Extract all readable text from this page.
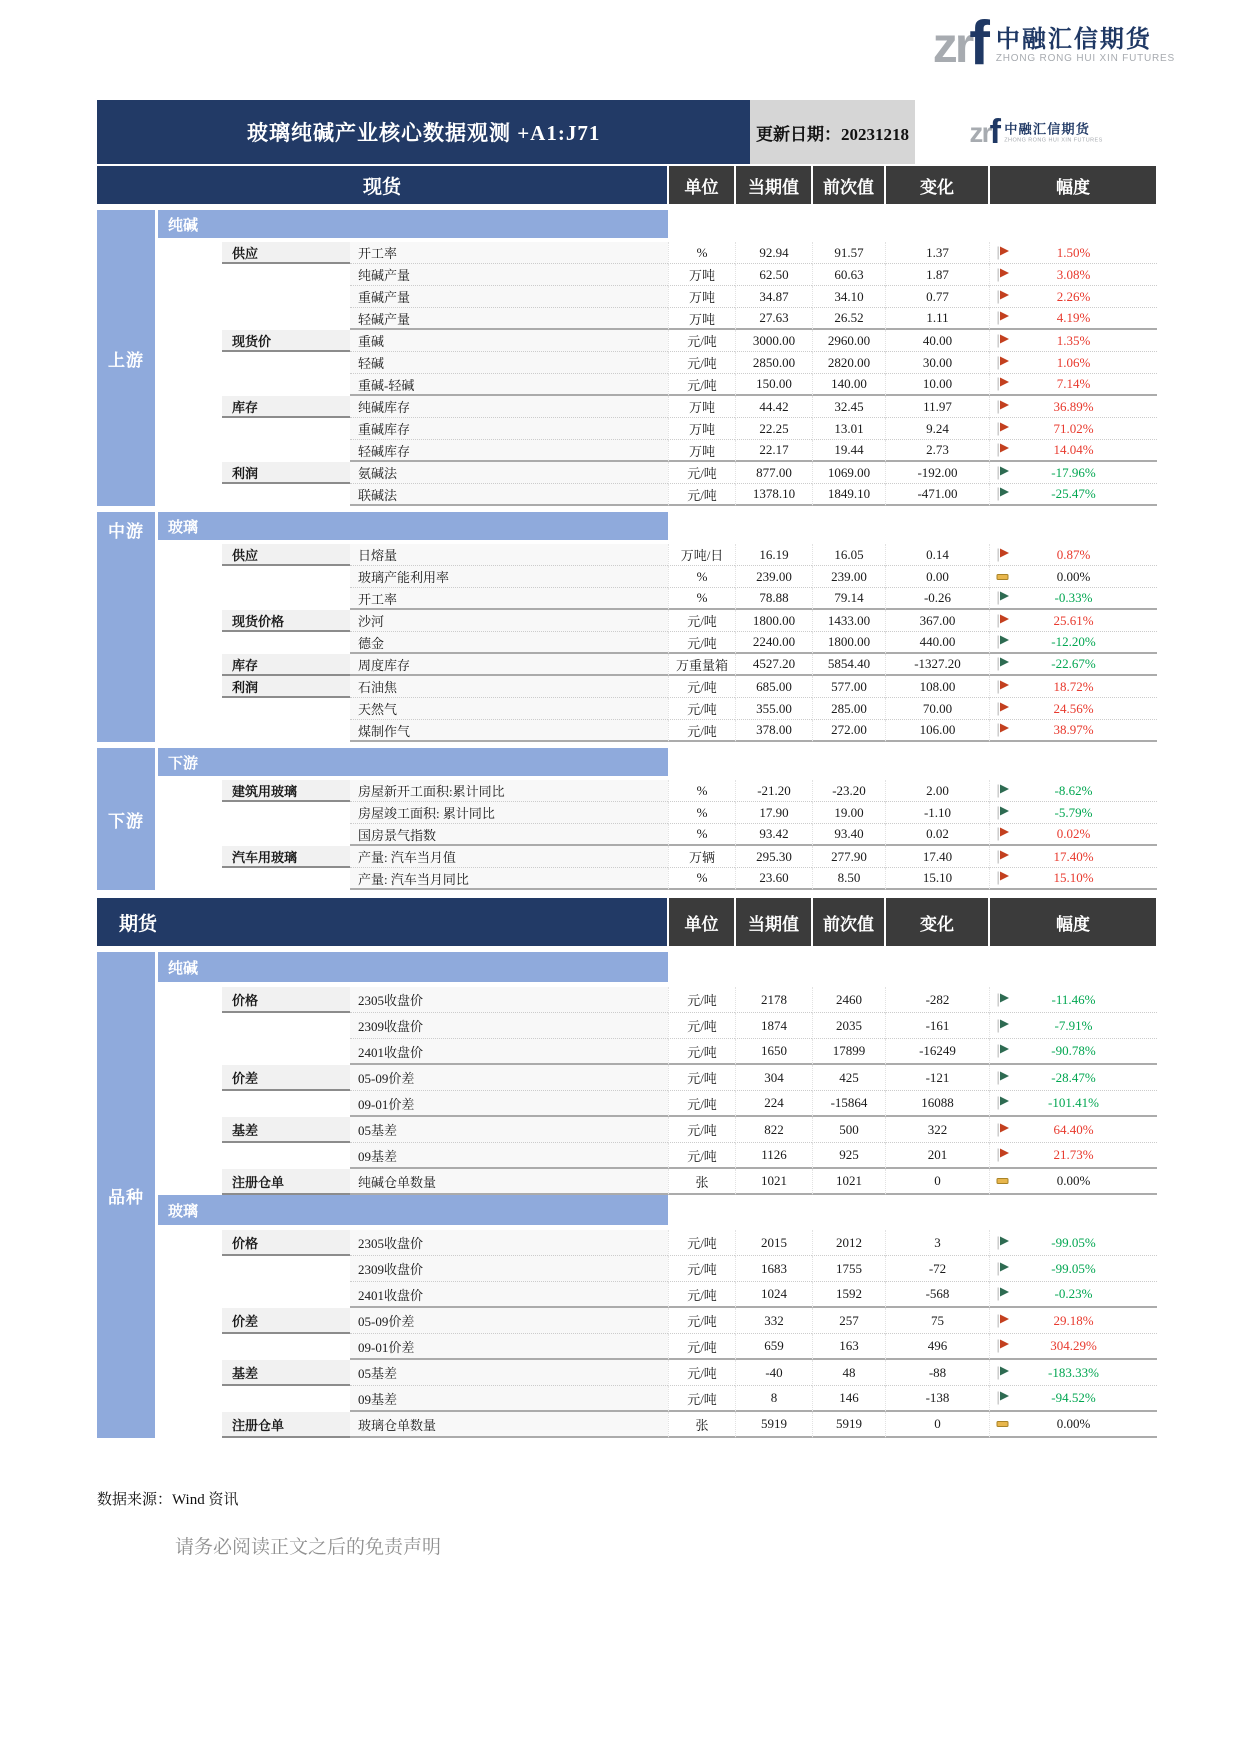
zr
f 中融汇信期货
ZHONG RONG HUI XIN FUTURES
玻璃纯碱产业核心数据观测 +A1:J71	更新日期：20231218 zr
f 中融汇信期货
ZHONG RONG HUI XIN FUTURES
现货	单位	当期值	前次值	变化	幅度
上游
纯碱
供应	开工率	%	92.94	91.57	1.37	1.50%
纯碱产量	万吨	62.50	60.63	1.87	3.08%
重碱产量	万吨	34.87	34.10	0.77	2.26%
轻碱产量	万吨	27.63	26.52	1.11	4.19%
现货价	重碱	元/吨	3000.00	2960.00	40.00	1.35%
轻碱	元/吨	2850.00	2820.00	30.00	1.06%
重碱-轻碱	元/吨	150.00	140.00	10.00	7.14%
库存	纯碱库存	万吨	44.42	32.45	11.97	36.89%
重碱库存	万吨	22.25	13.01	9.24	71.02%
轻碱库存	万吨	22.17	19.44	2.73	14.04%
利润	氨碱法	元/吨	877.00	1069.00	-192.00	-17.96%
联碱法	元/吨	1378.10	1849.10	-471.00	-25.47%
中游	玻璃
供应	日熔量	万吨/日	16.19	16.05	0.14	0.87%
玻璃产能利用率	%	239.00	239.00	0.00	0.00%
开工率	%	78.88	79.14	-0.26	-0.33%
现货价格	沙河	元/吨	1800.00	1433.00	367.00	25.61%
德金	元/吨	2240.00	1800.00	440.00	-12.20%
库存	周度库存	万重量箱	4527.20	5854.40	-1327.20	-22.67%
利润	石油焦	元/吨	685.00	577.00	108.00	18.72%
天然气	元/吨	355.00	285.00	70.00	24.56%
煤制作气	元/吨	378.00	272.00	106.00	38.97%
下游
下游
建筑用玻璃	房屋新开工面积:累计同比	%	-21.20	-23.20	2.00	-8.62%
房屋竣工面积: 累计同比	%	17.90	19.00	-1.10	-5.79%
国房景气指数	%	93.42	93.40	0.02	0.02%
汽车用玻璃	产量: 汽车当月值	万辆	295.30	277.90	17.40	17.40%
产量: 汽车当月同比	%	23.60	8.50	15.10	15.10%
期货	单位	当期值	前次值	变化	幅度
品种
纯碱
价格	2305收盘价	元/吨	2178	2460	-282	-11.46%
2309收盘价	元/吨	1874	2035	-161	-7.91%
2401收盘价	元/吨	1650	17899	-16249	-90.78%
价差	05-09价差	元/吨	304	425	-121	-28.47%
09-01价差	元/吨	224	-15864	16088	-101.41%
基差	05基差	元/吨	822	500	322	64.40%
09基差	元/吨	1126	925	201	21.73%
注册仓单	纯碱仓单数量	张	1021	1021	0	0.00%
玻璃
价格	2305收盘价	元/吨	2015	2012	3	-99.05%
2309收盘价	元/吨	1683	1755	-72	-99.05%
2401收盘价	元/吨	1024	1592	-568	-0.23%
价差	05-09价差	元/吨	332	257	75	29.18%
09-01价差	元/吨	659	163	496	304.29%
基差	05基差	元/吨	-40	48	-88	-183.33%
09基差	元/吨	8	146	-138	-94.52%
注册仓单	玻璃仓单数量	张	5919	5919	0	0.00%
数据来源：Wind 资讯
请务必阅读正文之后的免责声明
